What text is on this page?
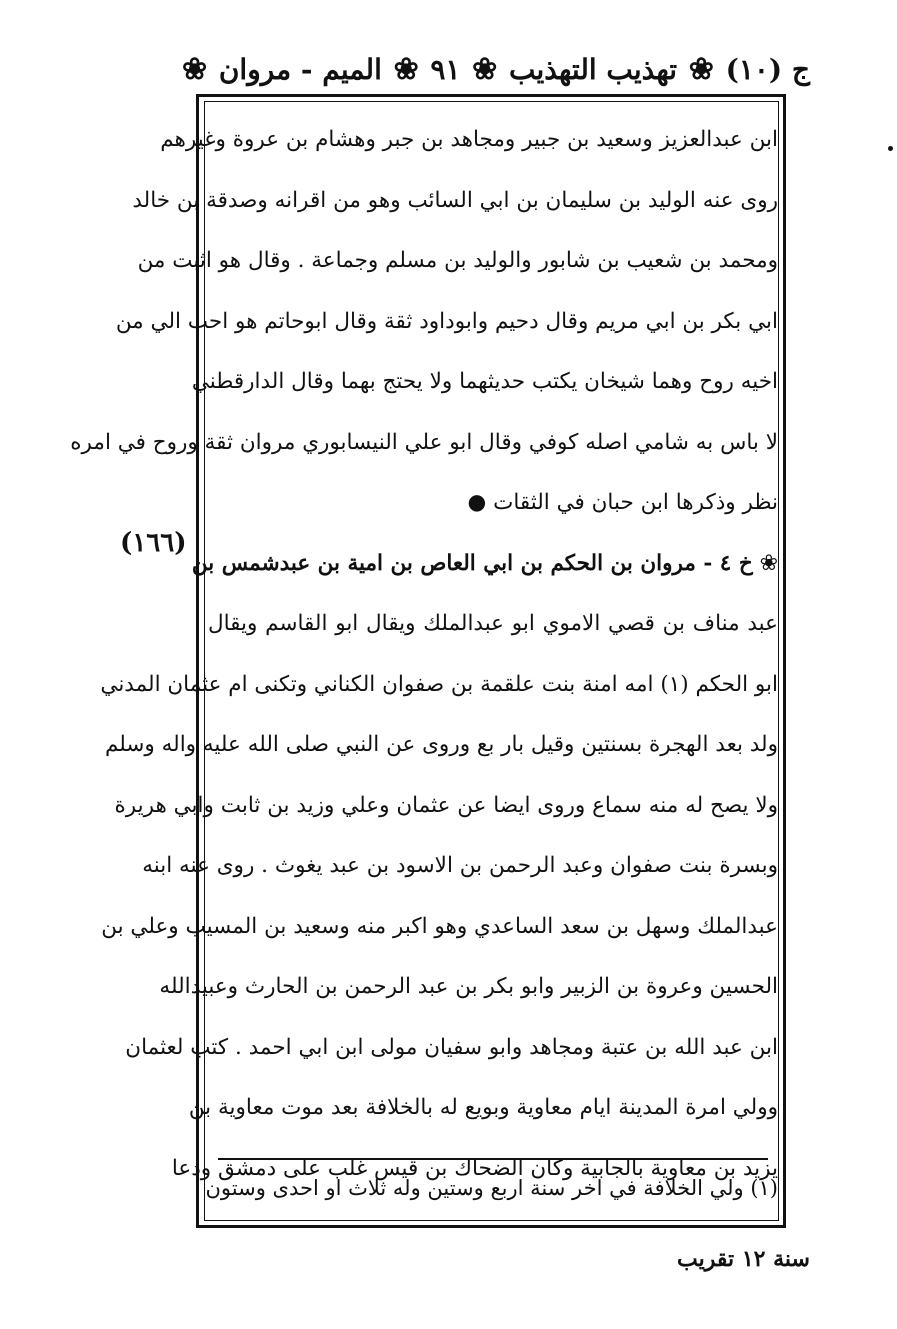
ج (١٠)
❀
تهذيب التهذيب
❀
٩١
❀
الميم - مروان
❀
(١٦٦)
ابن عبدالعزيز وسعيد بن جبير ومجاهد بن جبر وهشام بن عروة وغيرهم
روى عنه الوليد بن سليمان بن ابي السائب وهو من اقرانه وصدقة بن خالد
ومحمد بن شعيب بن شابور والوليد بن مسلم وجماعة . وقال هو اثبت من
ابي بكر بن ابي مريم وقال دحيم وابوداود ثقة وقال ابوحاتم هو احب الي من
اخيه روح وهما شيخان يكتب حديثهما ولا يحتج بهما وقال الدارقطني
لا باس به شامي اصله كوفي وقال ابو علي النيسابوري مروان ثقة وروح في امره
نظر وذكرها ابن حبان في الثقات ●
❀ خ ٤ - مروان بن الحكم بن ابي العاص بن امية بن عبدشمس بن
عبد مناف بن قصي الاموي ابو عبدالملك ويقال ابو القاسم ويقال
ابو الحكم (١) امه امنة بنت علقمة بن صفوان الكناني وتكنى ام عثمان المدني
ولد بعد الهجرة بسنتين وقيل بار بع وروى عن النبي صلى الله عليه واله وسلم
ولا يصح له منه سماع وروى ايضا عن عثمان وعلي وزيد بن ثابت وابي هريرة
وبسرة بنت صفوان وعبد الرحمن بن الاسود بن عبد يغوث . روى عنه ابنه
عبدالملك وسهل بن سعد الساعدي وهو اكبر منه وسعيد بن المسيب وعلي بن
الحسين وعروة بن الزبير وابو بكر بن عبد الرحمن بن الحارث وعبيدالله
ابن عبد الله بن عتبة ومجاهد وابو سفيان مولى ابن ابي احمد . كتب لعثمان
وولي امرة المدينة ايام معاوية وبويع له بالخلافة بعد موت معاوية بن
يزيد بن معاوية بالجابية وكان الضحاك بن قيس غلب على دمشق ودعا
(١) ولي الخلافة في اخر سنة اربع وستين وله ثلاث او احدى وستون
سنة ١٢ تقريب
